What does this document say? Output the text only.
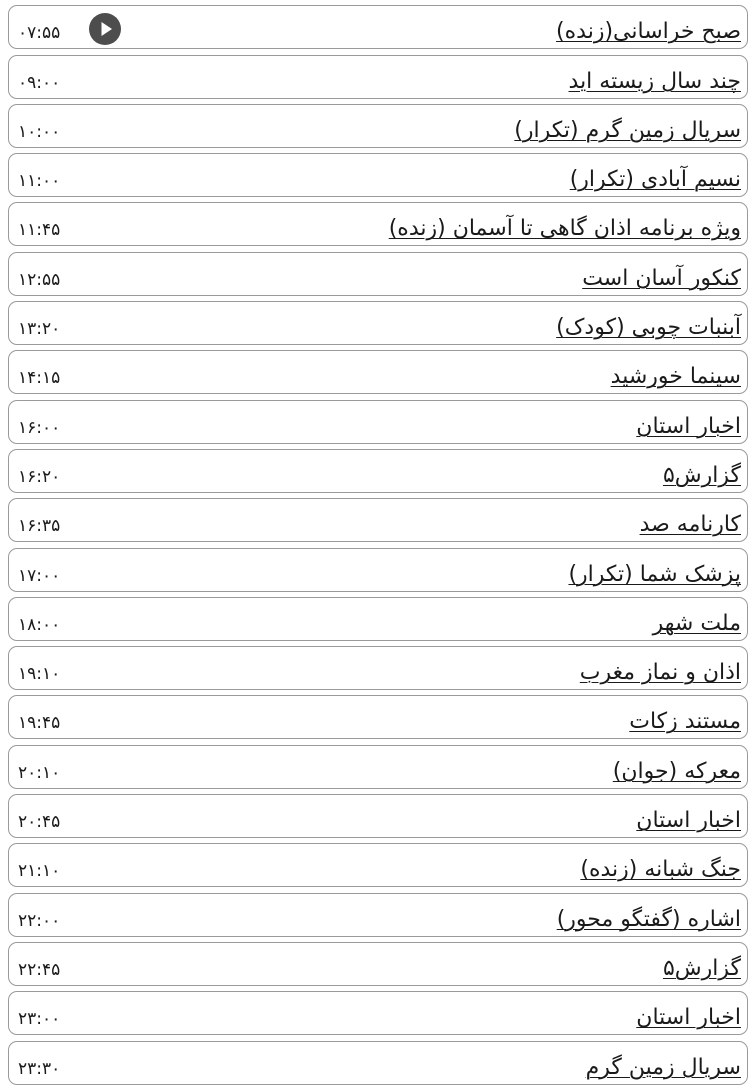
صبح خراسانی(زنده)
۰۷:۵۵
چند سال زیسته اید
۰۹:۰۰
سریال زمین گرم (تکرار)
۱۰:۰۰
نسیم آبادی (تکرار)
۱۱:۰۰
ویژه برنامه اذان گاهی تا آسمان (زنده)
۱۱:۴۵
کنکور آسان است
۱۲:۵۵
آبنبات چوبی (کودک)
۱۳:۲۰
سینما خورشید
۱۴:۱۵
اخبار استان
۱۶:۰۰
گزارش۵
۱۶:۲۰
کارنامه صد
۱۶:۳۵
پزشک شما (تکرار)
۱۷:۰۰
ملت شهر
۱۸:۰۰
اذان و نماز مغرب
۱۹:۱۰
مستند زکات
۱۹:۴۵
معرکه (جوان)
۲۰:۱۰
اخبار استان
۲۰:۴۵
جنگ شبانه (زنده)
۲۱:۱۰
اشاره (گفتگو محور)
۲۲:۰۰
گزارش۵
۲۲:۴۵
اخبار استان
۲۳:۰۰
سریال زمین گرم
۲۳:۳۰
